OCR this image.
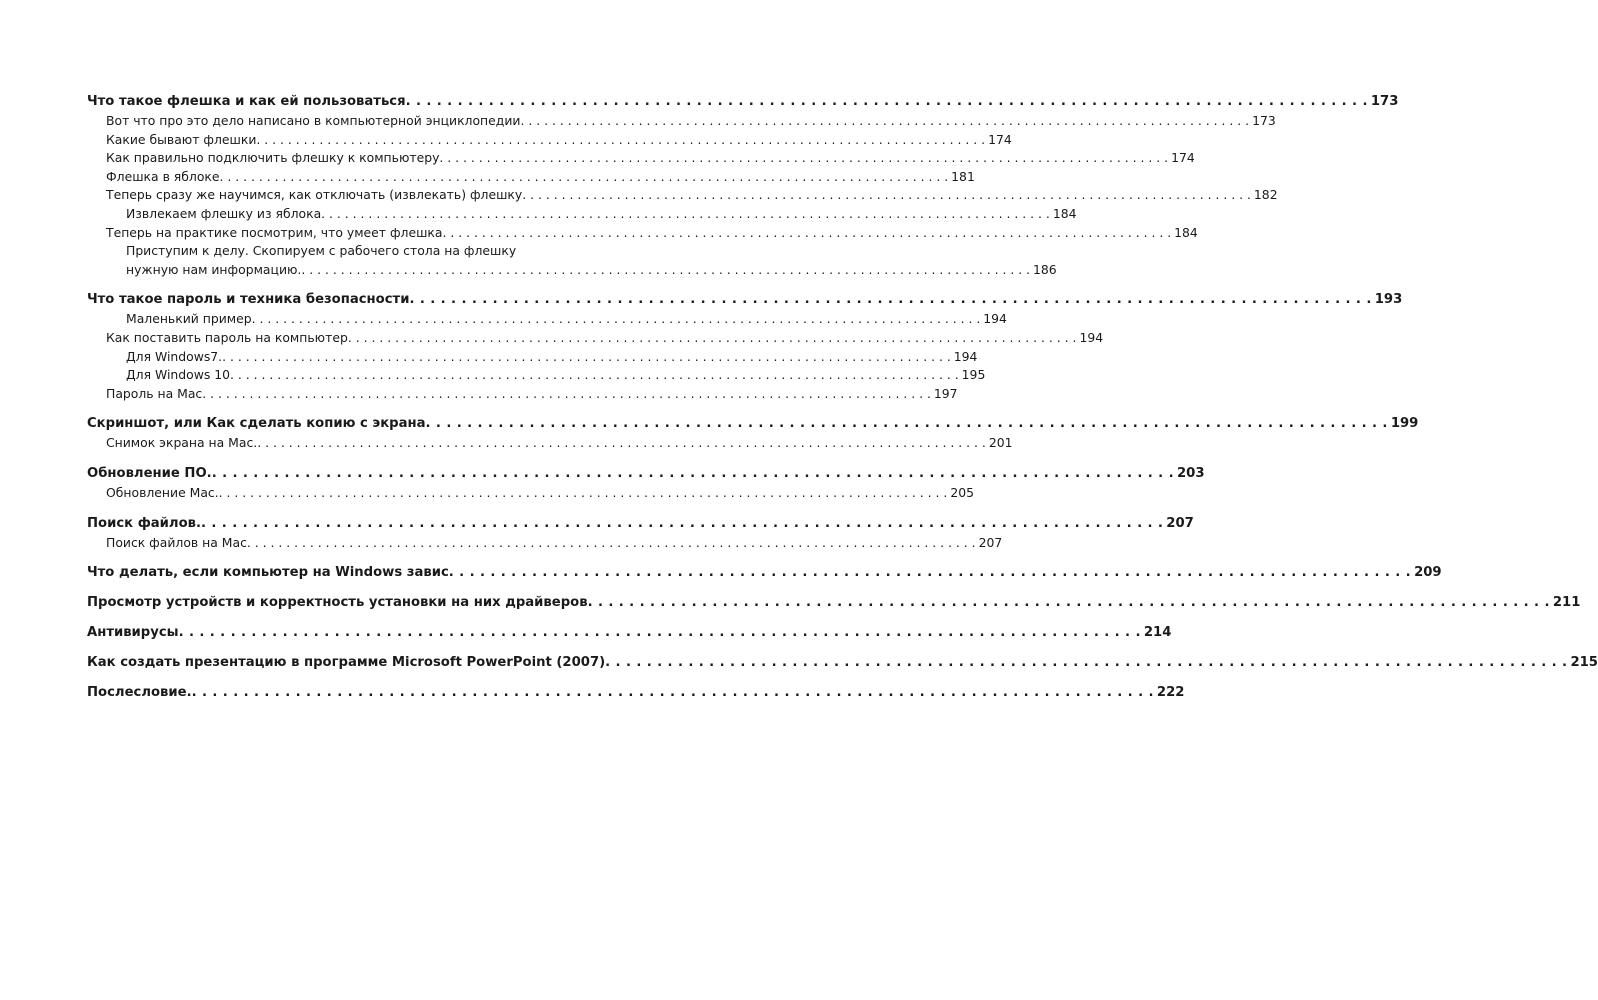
Что такое флешка и как ей пользоваться . . .	173
Вот что про это дело написано в компьютерной энциклопедии . . .	173
Какие бывают флешки . . .	174
Как правильно подключить флешку к компьютеру . . .	174
Флешка в яблоке . . .	181
Теперь сразу же научимся, как отключать (извлекать) флешку . . .	182
Извлекаем флешку из яблока . . .	184
Теперь на практике посмотрим, что умеет флешка . . .	184
Приступим к делу. Скопируем с рабочего стола на флешку
нужную нам информацию. . . .	186
Что такое пароль и техника безопасности . . .	193
Маленький пример . . .	194
Как поставить пароль на компьютер . . .	194
Для Windows7. . . .	194
Для Windows 10 . . .	195
Пароль на Мас . . .	197
Скриншот, или Как сделать копию с экрана . . .	199
Снимок экрана на Mac. . . .	201
Обновление ПО. . . .	203
Обновление Mac. . . .	205
Поиск файлов. . . .	207
Поиск файлов на Mac . . .	207
Что делать, если компьютер на Windows завис . . .	209
Просмотр устройств и корректность установки на них драйверов . . .	211
Антивирусы . . .	214
Как создать презентацию в программе Microsoft PowerPoint (2007) . . .	215
Послесловие. . . .	222
